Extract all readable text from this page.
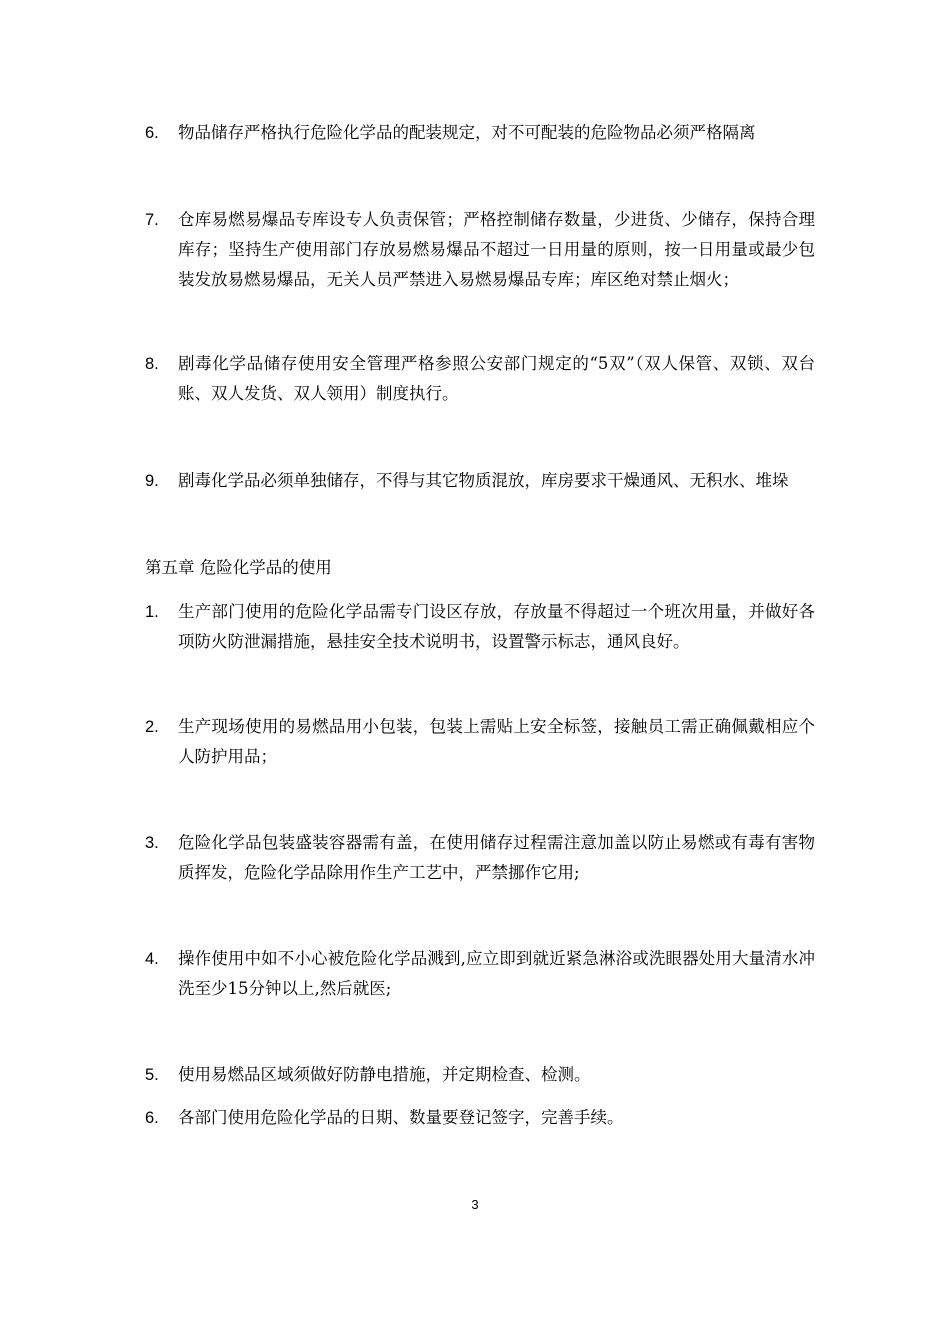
6. 物品储存严格执行危险化学品的配装规定，对不可配装的危险物品必须严格隔离
7. 仓库易燃易爆品专库设专人负责保管；严格控制储存数量，少进货、少储存，保持合理库存；坚持生产使用部门存放易燃易爆品不超过一日用量的原则，按一日用量或最少包装发放易燃易爆品，无关人员严禁进入易燃易爆品专库；库区绝对禁止烟火；
8. 剧毒化学品储存使用安全管理严格参照公安部门规定的“5双”（双人保管、双锁、双台账、双人发货、双人领用）制度执行。
9. 剧毒化学品必须单独储存，不得与其它物质混放，库房要求干燥通风、无积水、堆垛
第五章 危险化学品的使用
1. 生产部门使用的危险化学品需专门设区存放，存放量不得超过一个班次用量，并做好各项防火防泄漏措施，悬挂安全技术说明书，设置警示标志，通风良好。
2. 生产现场使用的易燃品用小包装，包装上需贴上安全标签，接触员工需正确佩戴相应个人防护用品；
3. 危险化学品包装盛装容器需有盖，在使用储存过程需注意加盖以防止易燃或有毒有害物质挥发，危险化学品除用作生产工艺中，严禁挪作它用;
4. 操作使用中如不小心被危险化学品溅到,应立即到就近紧急淋浴或洗眼器处用大量清水冲洗至少15分钟以上,然后就医;
5. 使用易燃品区域须做好防静电措施，并定期检查、检测。
6. 各部门使用危险化学品的日期、数量要登记签字，完善手续。
3
